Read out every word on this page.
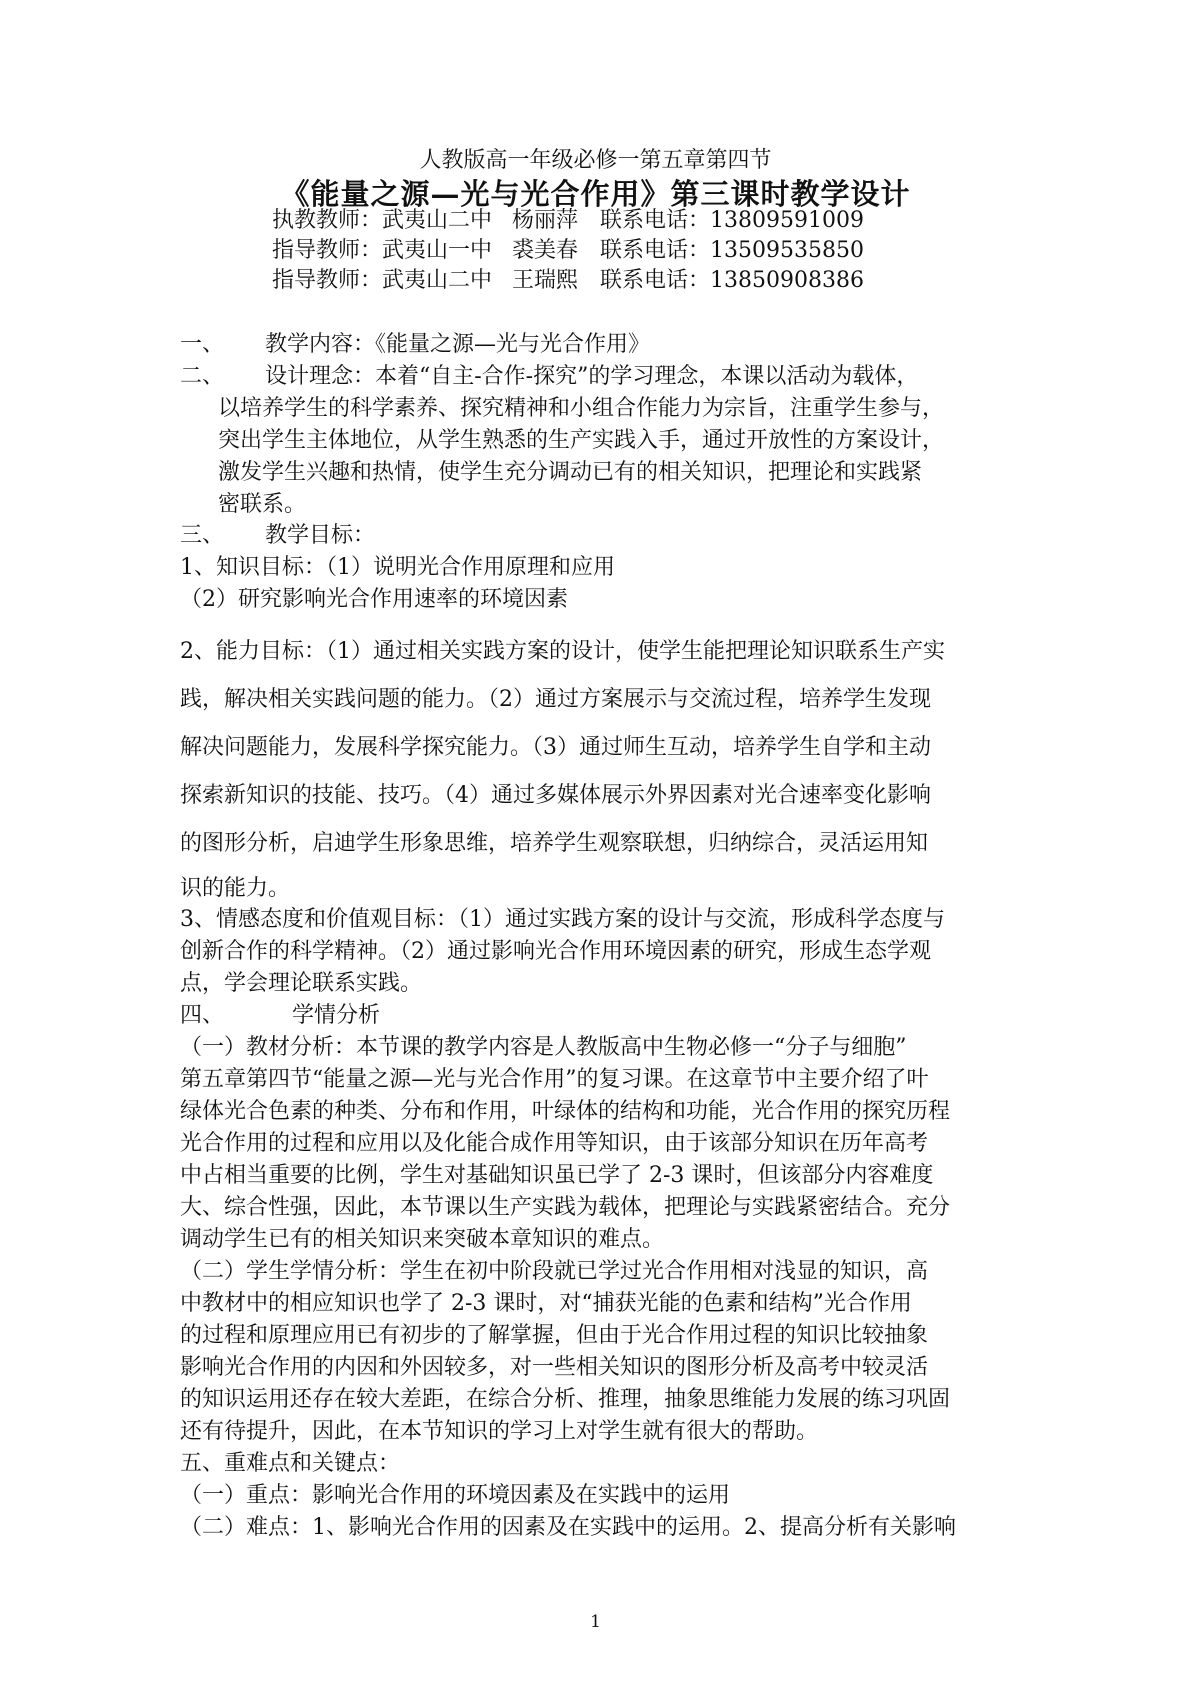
人教版高一年级必修一第五章第四节
《能量之源—光与光合作用》第三课时教学设计
执教教师：武夷山二中 杨丽萍 联系电话：13809591009
指导教师：武夷山一中 裘美春 联系电话：13509535850
指导教师：武夷山二中 王瑞熙 联系电话：13850908386
一、 教学内容：《能量之源—光与光合作用》
二、 设计理念：本着“自主-合作-探究”的学习理念，本课以活动为载体，
以培养学生的科学素养、探究精神和小组合作能力为宗旨，注重学生参与，
突出学生主体地位，从学生熟悉的生产实践入手，通过开放性的方案设计，
激发学生兴趣和热情，使学生充分调动已有的相关知识，把理论和实践紧
密联系。
三、 教学目标：
1、知识目标：（1）说明光合作用原理和应用
（2）研究影响光合作用速率的环境因素
2、能力目标：（1）通过相关实践方案的设计，使学生能把理论知识联系生产实
践，解决相关实践问题的能力。（2）通过方案展示与交流过程，培养学生发现
解决问题能力，发展科学探究能力。（3）通过师生互动，培养学生自学和主动
探索新知识的技能、技巧。（4）通过多媒体展示外界因素对光合速率变化影响
的图形分析，启迪学生形象思维，培养学生观察联想，归纳综合，灵活运用知
识的能力。
3、情感态度和价值观目标：（1）通过实践方案的设计与交流，形成科学态度与
创新合作的科学精神。（2）通过影响光合作用环境因素的研究，形成生态学观
点，学会理论联系实践。
四、	学情分析
（一）教材分析：本节课的教学内容是人教版高中生物必修一“分子与细胞”
第五章第四节“能量之源—光与光合作用”的复习课。在这章节中主要介绍了叶
绿体光合色素的种类、分布和作用，叶绿体的结构和功能，光合作用的探究历程
光合作用的过程和应用以及化能合成作用等知识，由于该部分知识在历年高考
中占相当重要的比例，学生对基础知识虽已学了 2-3 课时，但该部分内容难度
大、综合性强，因此，本节课以生产实践为载体，把理论与实践紧密结合。充分
调动学生已有的相关知识来突破本章知识的难点。
（二）学生学情分析：学生在初中阶段就已学过光合作用相对浅显的知识，高
中教材中的相应知识也学了 2-3 课时，对“捕获光能的色素和结构”光合作用
的过程和原理应用已有初步的了解掌握，但由于光合作用过程的知识比较抽象
影响光合作用的内因和外因较多，对一些相关知识的图形分析及高考中较灵活
的知识运用还存在较大差距，在综合分析、推理，抽象思维能力发展的练习巩固
还有待提升，因此，在本节知识的学习上对学生就有很大的帮助。
五、重难点和关键点：
（一）重点：影响光合作用的环境因素及在实践中的运用
（二）难点：1、影响光合作用的因素及在实践中的运用。2、提高分析有关影响
1
